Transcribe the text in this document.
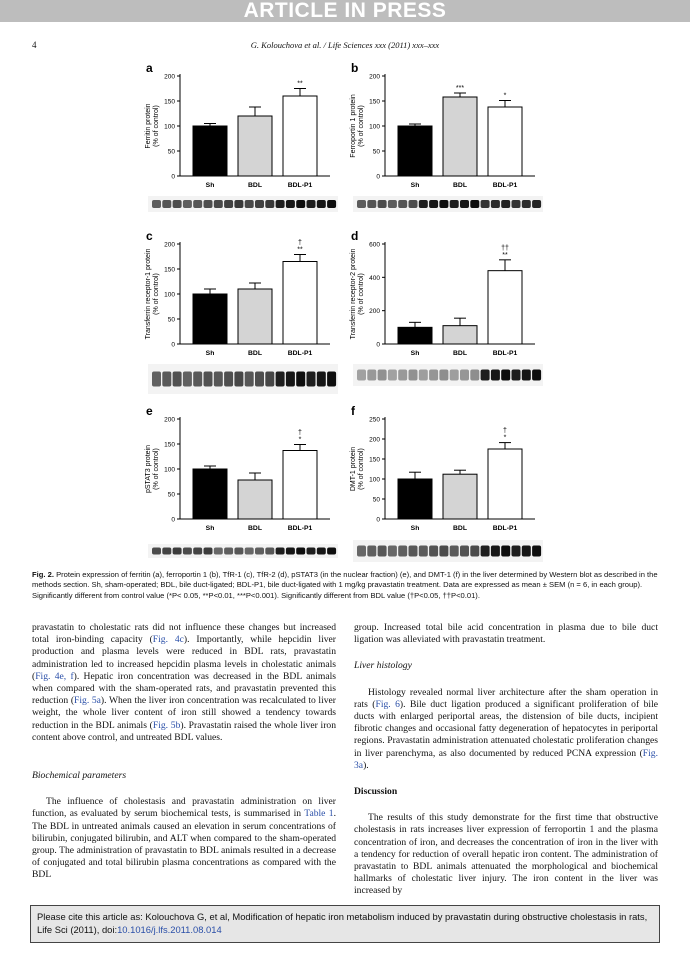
ARTICLE IN PRESS
4	G. Kolouchova et al. / Life Sciences xxx (2011) xxx–xxx
a
0
50
100
150
200
Ferritin protein(% of control)
Sh	BDL	BDL-P1
**
b
0
50
100
150
200
Ferroportin 1 protein(% of control)
Sh	BDL
***
BDL-P1
*
c
0
50
100
150
200
Transferrin receptor-1 protein(% of control)
Sh	BDL	BDL-P1
†
**
d
0
200
400
600
Transferrin receptor-2 protein(% of control)
Sh	BDL	BDL-P1
††
**
e
0
50
100
150
200
pSTAT3 protein(% of control)
Sh	BDL	BDL-P1
†
*
f
0
50
100
150
200
250
DMT-1 protein(% of control)
Sh	BDL	BDL-P1
†
*
Fig. 2. Protein expression of ferritin (a), ferroportin 1 (b), TfR-1 (c), TfR-2 (d), pSTAT3 (in the nuclear fraction) (e), and DMT-1 (f) in the liver determined by Western blot as described in the methods section. Sh, sham-operated; BDL, bile duct-ligated; BDL-P1, bile duct-ligated with 1 mg/kg pravastatin treatment. Data are expressed as mean ± SEM (n = 6, in each group). Significantly different from control value (*P< 0.05, **P<0.01, ***P<0.001). Significantly different from BDL value (†P<0.05, ††P<0.01).

pravastatin to cholestatic rats did not influence these changes but increased total iron-binding capacity (Fig. 4c). Importantly, while hepcidin liver production and plasma levels were reduced in BDL rats, pravastatin administration led to increased hepcidin plasma levels in cholestatic animals (Fig. 4e, f). Hepatic iron concentration was decreased in the BDL animals when compared with the sham-operated rats, and pravastatin prevented this reduction (Fig. 5a). When the liver iron concentration was recalculated to liver weight, the whole liver content of iron still showed a tendency towards reduction in the BDL animals (Fig. 5b). Pravastatin raised the whole liver iron content above control, and untreated BDL values.

Biochemical parameters

The influence of cholestasis and pravastatin administration on liver function, as evaluated by serum biochemical tests, is summarised in Table 1. The BDL in untreated animals caused an elevation in serum concentrations of bilirubin, conjugated bilirubin, and ALT when compared to the sham-operated group. The administration of pravastatin to BDL animals resulted in a decrease of conjugated and total bilirubin plasma concentrations as compared with the BDL

group. Increased total bile acid concentration in plasma due to bile duct ligation was alleviated with pravastatin treatment.

Liver histology

Histology revealed normal liver architecture after the sham operation in rats (Fig. 6). Bile duct ligation produced a significant proliferation of bile ducts with enlarged periportal areas, the distension of bile ducts, incipient fibrotic changes and occasional fatty degeneration of hepatocytes in periportal regions. Pravastatin administration attenuated cholestatic proliferation changes in liver parenchyma, as also documented by reduced PCNA expression (Fig. 3a).

Discussion

The results of this study demonstrate for the first time that obstructive cholestasis in rats increases liver expression of ferroportin 1 and the plasma concentration of iron, and decreases the concentration of iron in the liver with a tendency for reduction of overall hepatic iron content. The administration of pravastatin to BDL animals attenuated the morphological and biochemical hallmarks of cholestatic liver injury. The iron content in the liver was increased by

Please cite this article as: Kolouchova G, et al, Modification of hepatic iron metabolism induced by pravastatin during obstructive cholestasis in rats, Life Sci (2011), doi:10.1016/j.lfs.2011.08.014
